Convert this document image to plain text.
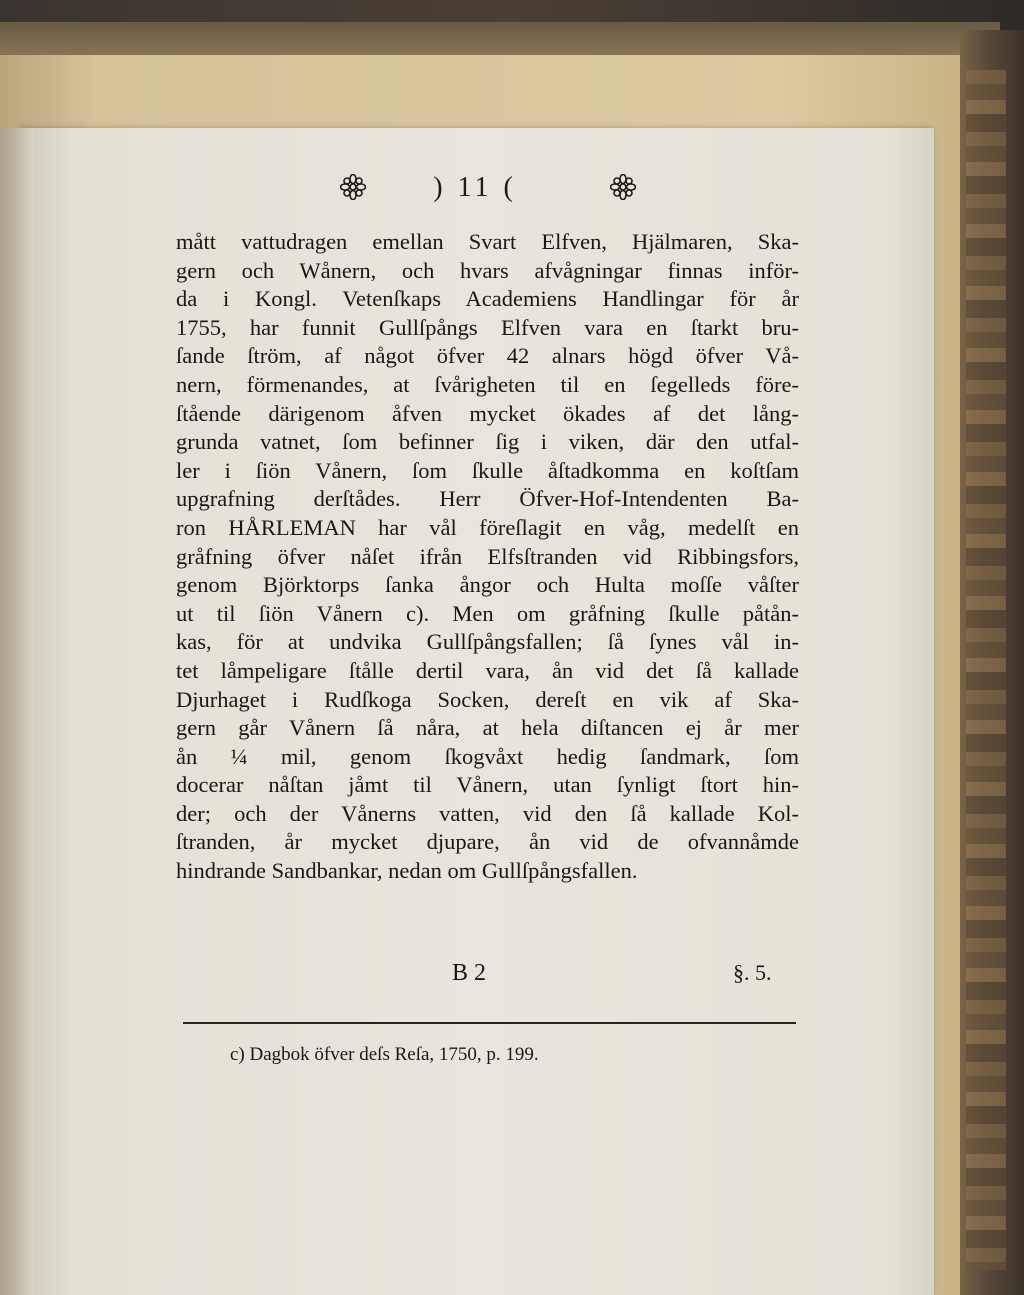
) 11 (
mått vattudragen emellan Svart Elfven, Hjälmaren, Ska-
gern och Wånern, och hvars afvågningar finnas inför-
da i Kongl. Vetenſkaps Academiens Handlingar för år
1755, har funnit Gullſpångs Elfven vara en ſtarkt bru-
ſande ſtröm, af något öfver 42 alnars högd öfver Vå-
nern, förmenandes, at ſvårigheten til en ſegelleds före-
ſtående därigenom åfven mycket ökades af det lång-
grunda vatnet, ſom befinner ſig i viken, där den utfal-
ler i ſiön Vånern, ſom ſkulle åſtadkomma en koſtſam
upgrafning derſtådes. Herr Öfver-Hof-Intendenten Ba-
ron HÅRLEMAN har vål föreſlagit en våg, medelſt en
gråfning öfver nåſet ifrån Elfsſtranden vid Ribbingsfors,
genom Björktorps ſanka ångor och Hulta moſſe våſter
ut til ſiön Vånern c). Men om gråfning ſkulle påtån-
kas, för at undvika Gullſpångsfallen; ſå ſynes vål in-
tet låmpeligare ſtålle dertil vara, ån vid det ſå kallade
Djurhaget i Rudſkoga Socken, dereſt en vik af Ska-
gern går Vånern ſå nåra, at hela diſtancen ej år mer
ån ¼ mil, genom ſkogvåxt hedig ſandmark, ſom
docerar nåſtan jåmt til Vånern, utan ſynligt ſtort hin-
der; och der Vånerns vatten, vid den ſå kallade Kol-
ſtranden, år mycket djupare, ån vid de ofvannåmde
hindrande Sandbankar, nedan om Gullſpångsfallen.
B 2	§. 5.
c) Dagbok öfver deſs Reſa, 1750, p. 199.
